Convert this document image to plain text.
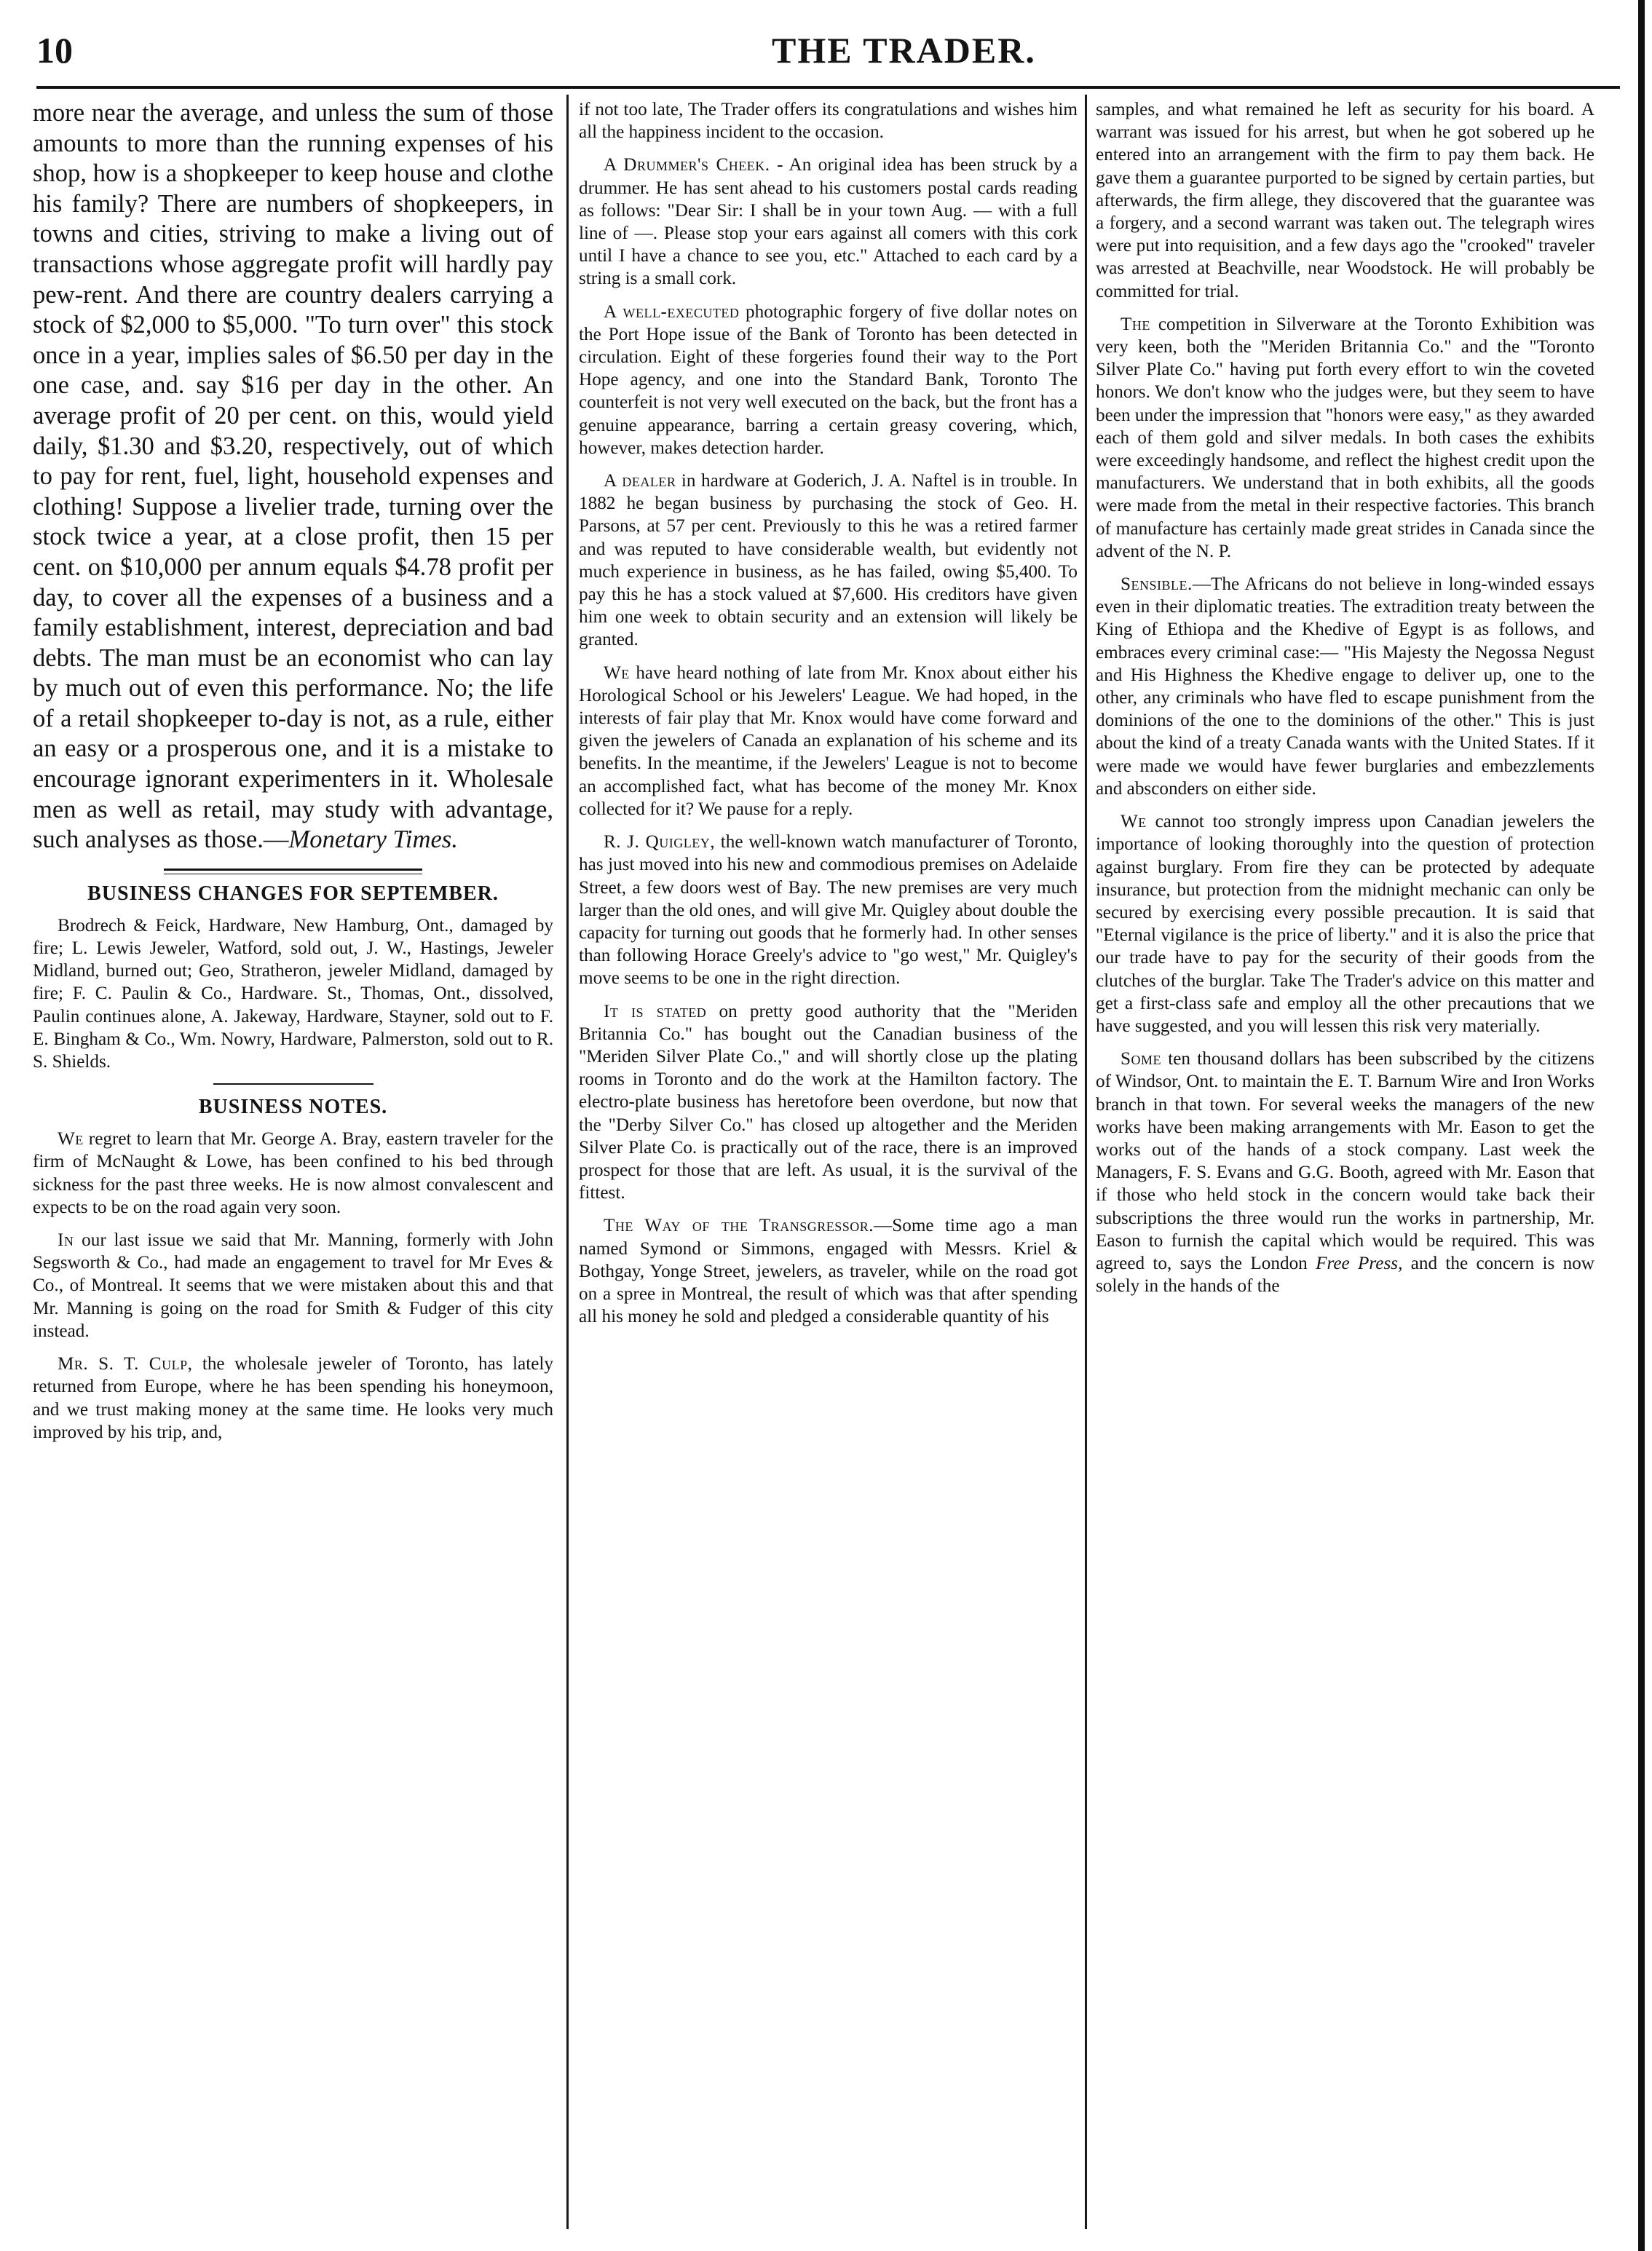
10	THE TRADER.

more near the average, and unless the sum of those amounts to more than the running expenses of his shop, how is a shopkeeper to keep house and clothe his family? There are numbers of shopkeepers, in towns and cities, striving to make a living out of transactions whose aggregate profit will hardly pay pew-rent. And there are country dealers carrying a stock of $2,000 to $5,000. "To turn over" this stock once in a year, implies sales of $6.50 per day in the one case, and. say $16 per day in the other. An average profit of 20 per cent. on this, would yield daily, $1.30 and $3.20, respectively, out of which to pay for rent, fuel, light, household expenses and clothing! Suppose a livelier trade, turning over the stock twice a year, at a close profit, then 15 per cent. on $10,000 per annum equals $4.78 profit per day, to cover all the expenses of a business and a family establishment, interest, depreciation and bad debts. The man must be an economist who can lay by much out of even this performance. No; the life of a retail shopkeeper to-day is not, as a rule, either an easy or a prosperous one, and it is a mistake to encourage ignorant experimenters in it. Wholesale men as well as retail, may study with advantage, such analyses as those.—Monetary Times.

BUSINESS CHANGES FOR SEPTEMBER.

Brodrech & Feick, Hardware, New Hamburg, Ont., damaged by fire; L. Lewis Jeweler, Watford, sold out, J. W., Hastings, Jeweler Midland, burned out; Geo, Stratheron, jeweler Midland, damaged by fire; F. C. Paulin & Co., Hardware. St., Thomas, Ont., dissolved, Paulin continues alone, A. Jakeway, Hardware, Stayner, sold out to F. E. Bingham & Co., Wm. Nowry, Hardware, Palmerston, sold out to R. S. Shields.

BUSINESS NOTES.

We regret to learn that Mr. George A. Bray, eastern traveler for the firm of McNaught & Lowe, has been confined to his bed through sickness for the past three weeks. He is now almost convalescent and expects to be on the road again very soon.

In our last issue we said that Mr. Manning, formerly with John Segsworth & Co., had made an engagement to travel for Mr Eves & Co., of Montreal. It seems that we were mistaken about this and that Mr. Manning is going on the road for Smith & Fudger of this city instead.

Mr. S. T. Culp, the wholesale jeweler of Toronto, has lately returned from Europe, where he has been spending his honeymoon, and we trust making money at the same time. He looks very much improved by his trip, and,

if not too late, The Trader offers its congratulations and wishes him all the happiness incident to the occasion.

A Drummer's Cheek. - An original idea has been struck by a drummer. He has sent ahead to his customers postal cards reading as follows: "Dear Sir: I shall be in your town Aug. — with a full line of —. Please stop your ears against all comers with this cork until I have a chance to see you, etc." Attached to each card by a string is a small cork.

A well-executed photographic forgery of five dollar notes on the Port Hope issue of the Bank of Toronto has been detected in circulation. Eight of these forgeries found their way to the Port Hope agency, and one into the Standard Bank, Toronto The counterfeit is not very well executed on the back, but the front has a genuine appearance, barring a certain greasy covering, which, however, makes detection harder.

A dealer in hardware at Goderich, J. A. Naftel is in trouble. In 1882 he began business by purchasing the stock of Geo. H. Parsons, at 57 per cent. Previously to this he was a retired farmer and was reputed to have considerable wealth, but evidently not much experience in business, as he has failed, owing $5,400. To pay this he has a stock valued at $7,600. His creditors have given him one week to obtain security and an extension will likely be granted.

We have heard nothing of late from Mr. Knox about either his Horological School or his Jewelers' League. We had hoped, in the interests of fair play that Mr. Knox would have come forward and given the jewelers of Canada an explanation of his scheme and its benefits. In the meantime, if the Jewelers' League is not to become an accomplished fact, what has become of the money Mr. Knox collected for it? We pause for a reply.

R. J. Quigley, the well-known watch manufacturer of Toronto, has just moved into his new and commodious premises on Adelaide Street, a few doors west of Bay. The new premises are very much larger than the old ones, and will give Mr. Quigley about double the capacity for turning out goods that he formerly had. In other senses than following Horace Greely's advice to "go west," Mr. Quigley's move seems to be one in the right direction.

It is stated on pretty good authority that the "Meriden Britannia Co." has bought out the Canadian business of the "Meriden Silver Plate Co.," and will shortly close up the plating rooms in Toronto and do the work at the Hamilton factory. The electro-plate business has heretofore been overdone, but now that the "Derby Silver Co." has closed up altogether and the Meriden Silver Plate Co. is practically out of the race, there is an improved prospect for those that are left. As usual, it is the survival of the fittest.

The Way of the Transgressor.—Some time ago a man named Symond or Simmons, engaged with Messrs. Kriel & Bothgay, Yonge Street, jewelers, as traveler, while on the road got on a spree in Montreal, the result of which was that after spending all his money he sold and pledged a considerable quantity of his

samples, and what remained he left as security for his board. A warrant was issued for his arrest, but when he got sobered up he entered into an arrangement with the firm to pay them back. He gave them a guarantee purported to be signed by certain parties, but afterwards, the firm allege, they discovered that the guarantee was a forgery, and a second warrant was taken out. The telegraph wires were put into requisition, and a few days ago the "crooked" traveler was arrested at Beachville, near Woodstock. He will probably be committed for trial.

The competition in Silverware at the Toronto Exhibition was very keen, both the "Meriden Britannia Co." and the "Toronto Silver Plate Co." having put forth every effort to win the coveted honors. We don't know who the judges were, but they seem to have been under the impression that "honors were easy," as they awarded each of them gold and silver medals. In both cases the exhibits were exceedingly handsome, and reflect the highest credit upon the manufacturers. We understand that in both exhibits, all the goods were made from the metal in their respective factories. This branch of manufacture has certainly made great strides in Canada since the advent of the N. P.

Sensible.—The Africans do not believe in long-winded essays even in their diplomatic treaties. The extradition treaty between the King of Ethiopa and the Khedive of Egypt is as follows, and embraces every criminal case:— "His Majesty the Negossa Negust and His Highness the Khedive engage to deliver up, one to the other, any criminals who have fled to escape punishment from the dominions of the one to the dominions of the other." This is just about the kind of a treaty Canada wants with the United States. If it were made we would have fewer burglaries and embezzlements and absconders on either side.

We cannot too strongly impress upon Canadian jewelers the importance of looking thoroughly into the question of protection against burglary. From fire they can be protected by adequate insurance, but protection from the midnight mechanic can only be secured by exercising every possible precaution. It is said that "Eternal vigilance is the price of liberty." and it is also the price that our trade have to pay for the security of their goods from the clutches of the burglar. Take The Trader's advice on this matter and get a first-class safe and employ all the other precautions that we have suggested, and you will lessen this risk very materially.

Some ten thousand dollars has been subscribed by the citizens of Windsor, Ont. to maintain the E. T. Barnum Wire and Iron Works branch in that town. For several weeks the managers of the new works have been making arrangements with Mr. Eason to get the works out of the hands of a stock company. Last week the Managers, F. S. Evans and G.G. Booth, agreed with Mr. Eason that if those who held stock in the concern would take back their subscriptions the three would run the works in partnership, Mr. Eason to furnish the capital which would be required. This was agreed to, says the London Free Press, and the concern is now solely in the hands of the
